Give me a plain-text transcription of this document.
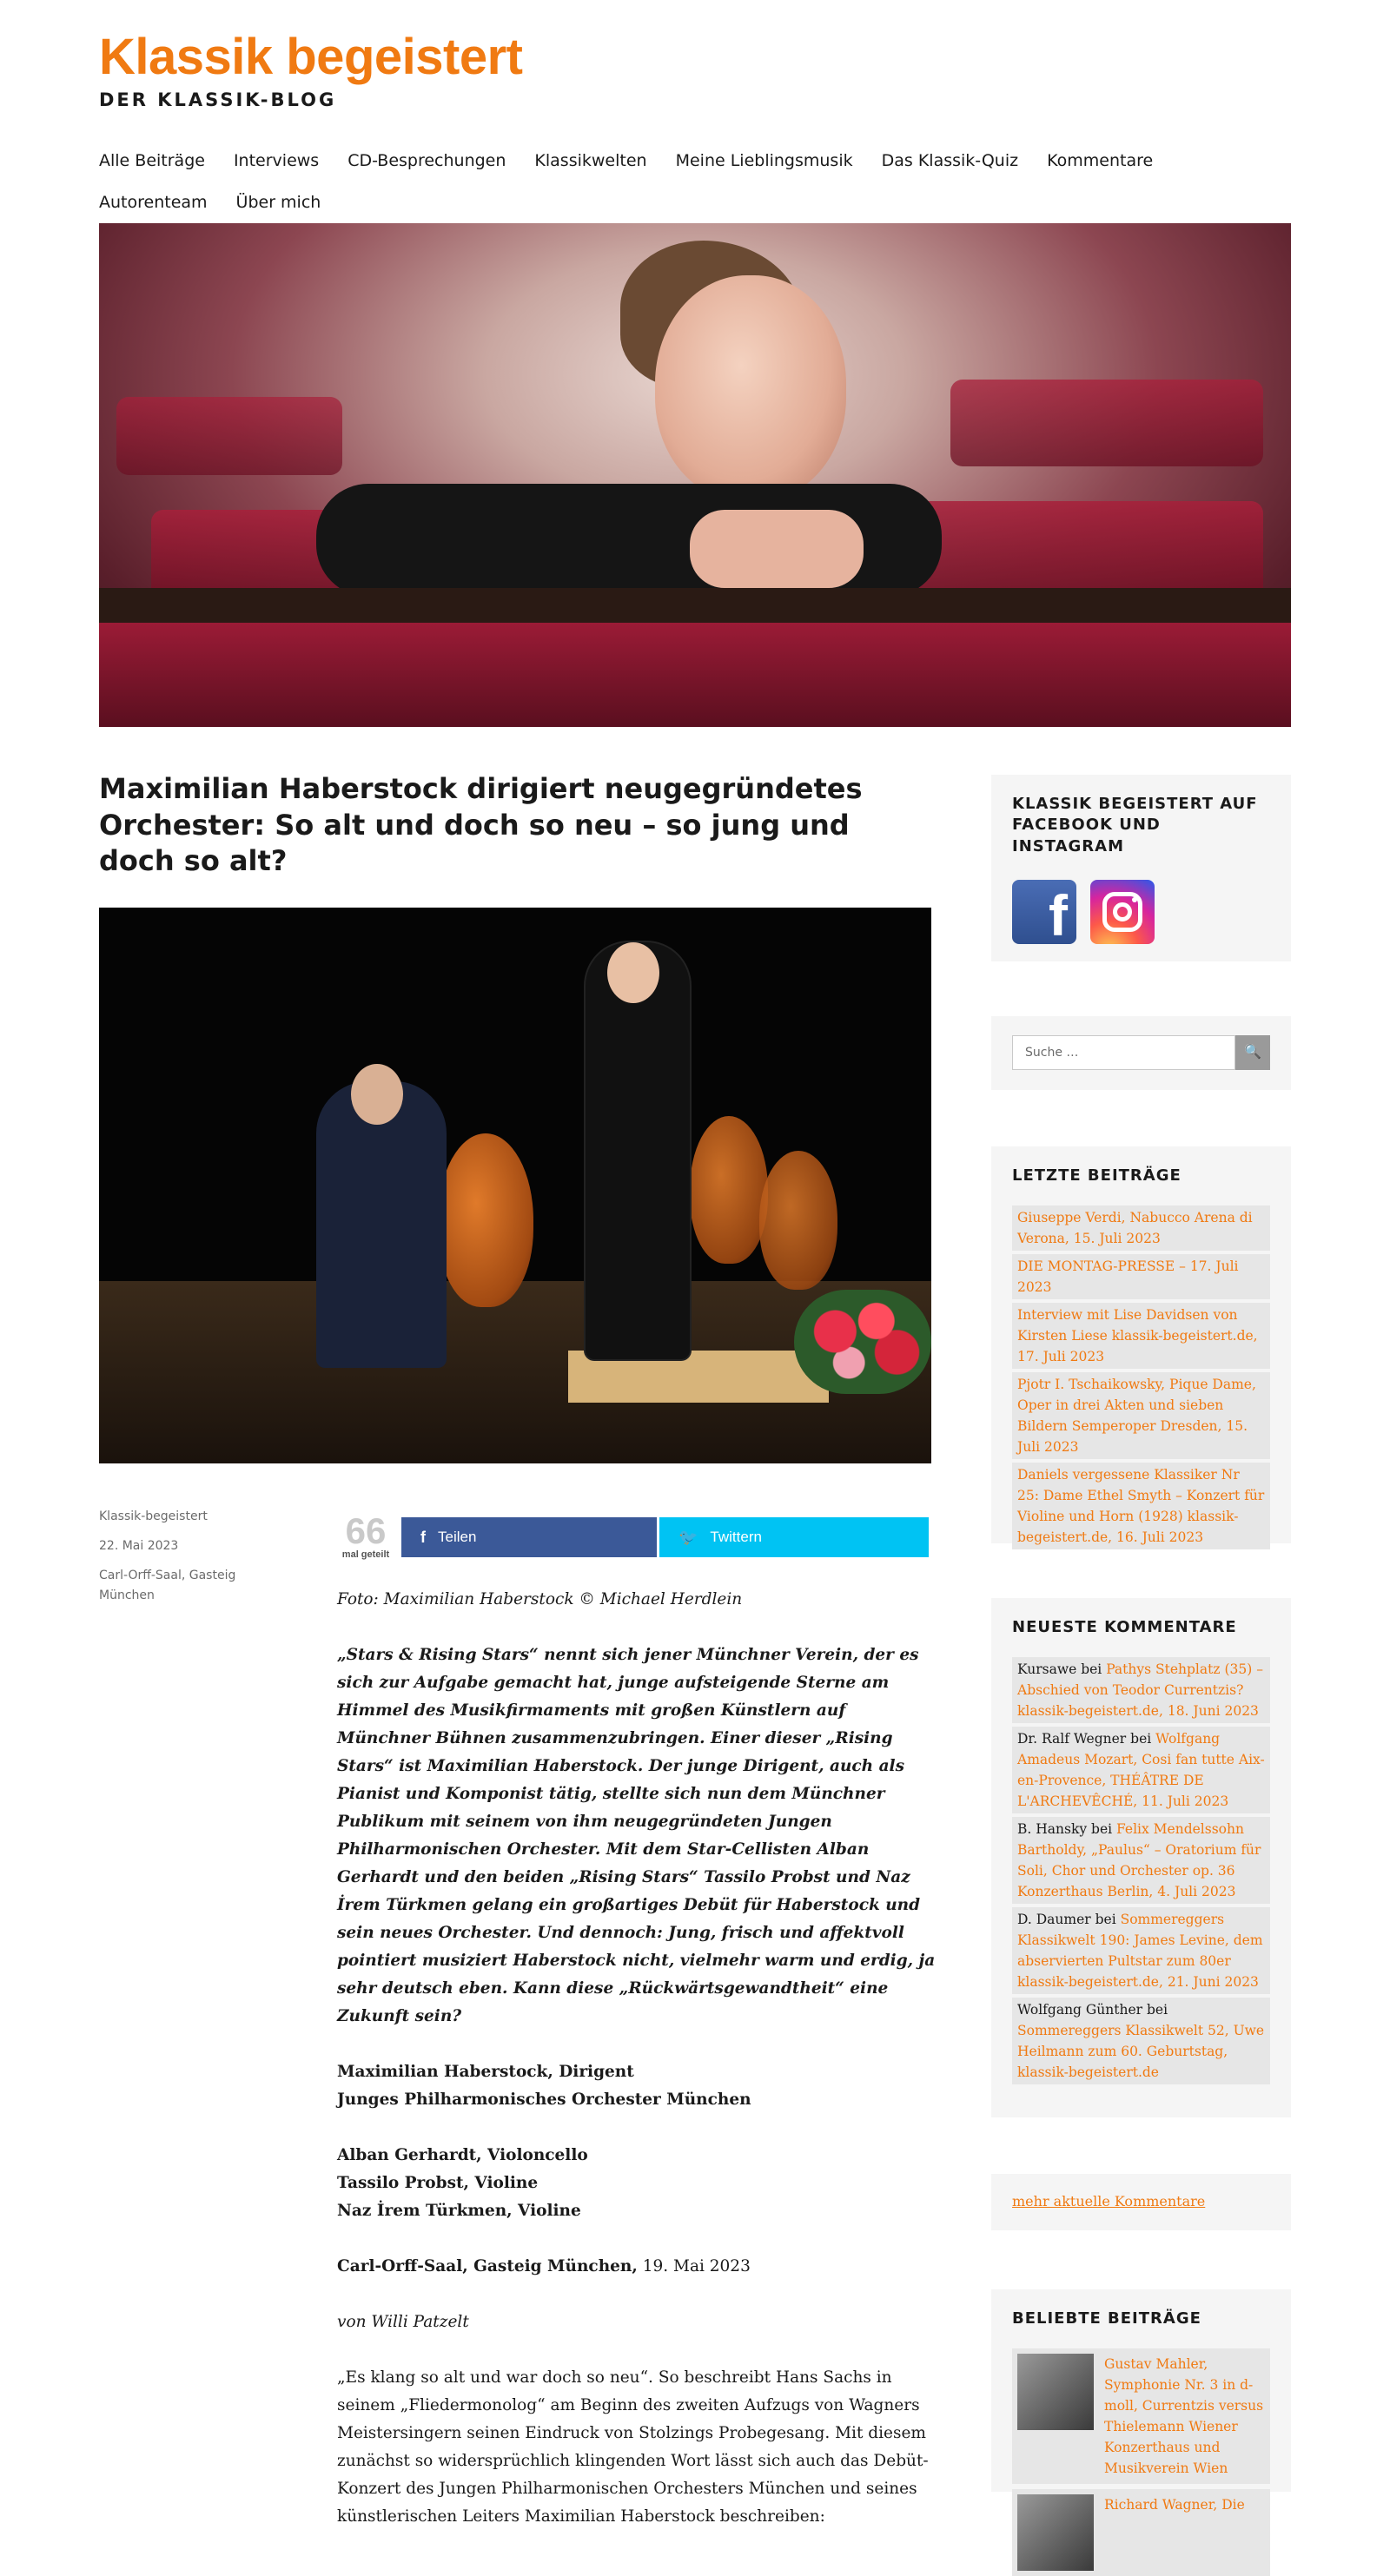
Klassik begeistert
DER KLASSIK-BLOG
Alle Beiträge Interviews CD-Besprechungen Klassikwelten Meine Lieblingsmusik Das Klassik-Quiz Kommentare
Autorenteam Über mich
Maximilian Haberstock dirigiert neugegründetes Orchester: So alt und doch so neu – so jung und doch so alt?
Klassik-begeistert
22. Mai 2023
Carl-Orff-Saal, Gasteig München
66
mal geteilt
f Teilen	🐦 Twittern

Foto: Maximilian Haberstock © Michael Herdlein

„Stars & Rising Stars“ nennt sich jener Münchner Verein, der es sich zur Aufgabe gemacht hat, junge aufsteigende Sterne am Himmel des Musikfirmaments mit großen Künstlern auf Münchner Bühnen zusammenzubringen. Einer dieser „Rising Stars“ ist Maximilian Haberstock. Der junge Dirigent, auch als Pianist und Komponist tätig, stellte sich nun dem Münchner Publikum mit seinem von ihm neugegründeten Jungen Philharmonischen Orchester. Mit dem Star-Cellisten Alban Gerhardt und den beiden „Rising Stars“ Tassilo Probst und Naz İrem Türkmen gelang ein großartiges Debüt für Haberstock und sein neues Orchester. Und dennoch: Jung, frisch und affektvoll pointiert musiziert Haberstock nicht, vielmehr warm und erdig, ja sehr deutsch eben. Kann diese „Rückwärtsgewandtheit“ eine Zukunft sein?

Maximilian Haberstock, Dirigent
Junges Philharmonisches Orchester München

Alban Gerhardt, Violoncello
Tassilo Probst, Violine
Naz İrem Türkmen, Violine

Carl-Orff-Saal, Gasteig München, 19. Mai 2023

von Willi Patzelt

„Es klang so alt und war doch so neu“. So beschreibt Hans Sachs in seinem „Fliedermonolog“ am Beginn des zweiten Aufzugs von Wagners Meistersingern seinen Eindruck von Stolzings Probegesang. Mit diesem zunächst so widersprüchlich klingenden Wort lässt sich auch das Debüt-Konzert des Jungen Philharmonischen Orchesters München und seines künstlerischen Leiters Maximilian Haberstock beschreiben:

KLASSIK BEGEISTERT AUF FACEBOOK UND INSTAGRAM
f
Suche …	🔍
LETZTE BEITRÄGE
Giuseppe Verdi, Nabucco Arena di Verona, 15. Juli 2023
DIE MONTAG-PRESSE – 17. Juli 2023
Interview mit Lise Davidsen von Kirsten Liese klassik-begeistert.de, 17. Juli 2023
Pjotr I. Tschaikowsky, Pique Dame, Oper in drei Akten und sieben Bildern Semperoper Dresden, 15. Juli 2023
Daniels vergessene Klassiker Nr 25: Dame Ethel Smyth – Konzert für Violine und Horn (1928) klassik-begeistert.de, 16. Juli 2023
NEUESTE KOMMENTARE
Kursawe bei Pathys Stehplatz (35) – Abschied von Teodor Currentzis? klassik-begeistert.de, 18. Juni 2023
Dr. Ralf Wegner bei Wolfgang Amadeus Mozart, Cosi fan tutte Aix-en-Provence, THÉÂTRE DE L'ARCHEVÊCHÉ, 11. Juli 2023
B. Hansky bei Felix Mendelssohn Bartholdy, „Paulus“ – Oratorium für Soli, Chor und Orchester op. 36 Konzerthaus Berlin, 4. Juli 2023
D. Daumer bei Sommereggers Klassikwelt 190: James Levine, dem abservierten Pultstar zum 80er klassik-begeistert.de, 21. Juni 2023
Wolfgang Günther bei Sommereggers Klassikwelt 52, Uwe Heilmann zum 60. Geburtstag, klassik-begeistert.de
mehr aktuelle Kommentare
BELIEBTE BEITRÄGE
Gustav Mahler, Symphonie Nr. 3 in d-moll, Currentzis versus Thielemann Wiener Konzerthaus und Musikverein Wien
Richard Wagner, Die
